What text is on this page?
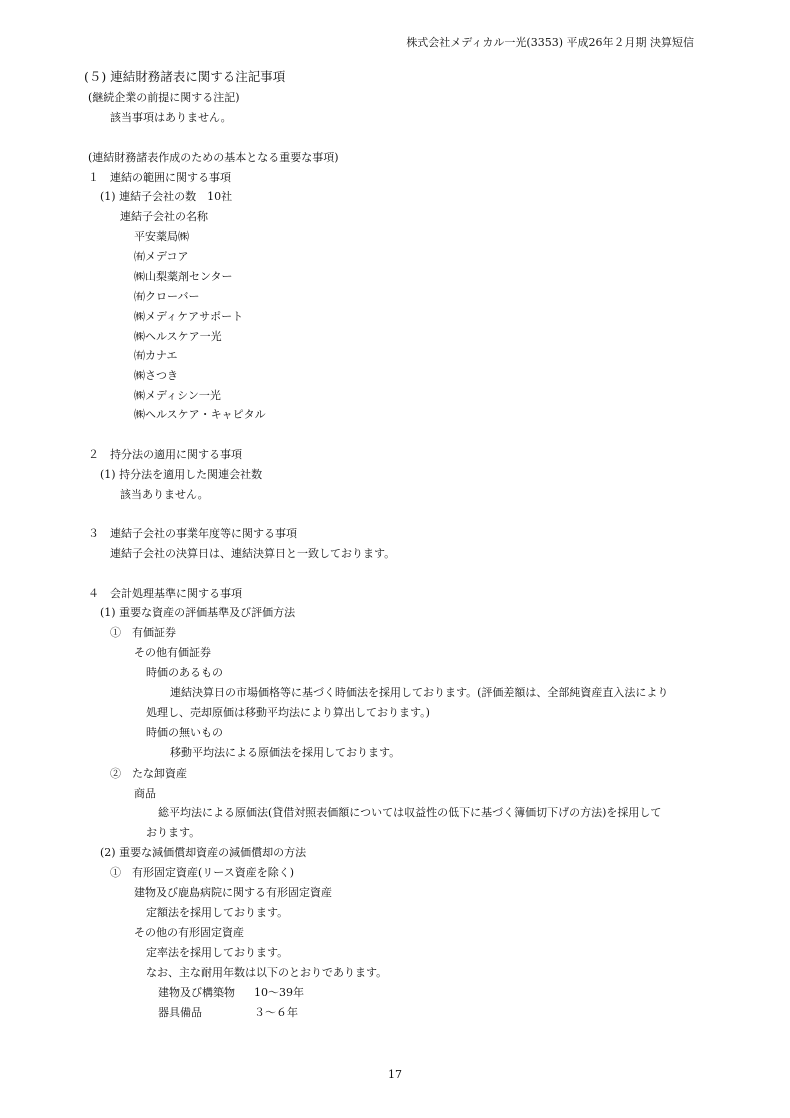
株式会社メディカル一光(3353) 平成26年２月期 決算短信
(５) 連結財務諸表に関する注記事項
(継続企業の前提に関する注記)
該当事項はありません。
(連結財務諸表作成のための基本となる重要な事項)
１　連結の範囲に関する事項
(1) 連結子会社の数　10社
連結子会社の名称
平安薬局㈱
㈲メデコア
㈱山梨薬剤センター
㈲クローバー
㈱メディケアサポート
㈱ヘルスケア一光
㈲カナエ
㈱さつき
㈱メディシン一光
㈱ヘルスケア・キャピタル
２　持分法の適用に関する事項
(1) 持分法を適用した関連会社数
該当ありません。
３　連結子会社の事業年度等に関する事項
連結子会社の決算日は、連結決算日と一致しております。
４　会計処理基準に関する事項
(1) 重要な資産の評価基準及び評価方法
①　有価証券
その他有価証券
時価のあるもの
連結決算日の市場価格等に基づく時価法を採用しております。(評価差額は、全部純資産直入法により
処理し、売却原価は移動平均法により算出しております。)
時価の無いもの
移動平均法による原価法を採用しております。
②　たな卸資産
商品
総平均法による原価法(貸借対照表価額については収益性の低下に基づく簿価切下げの方法)を採用して
おります。
(2) 重要な減価償却資産の減価償却の方法
①　有形固定資産(リース資産を除く)
建物及び鹿島病院に関する有形固定資産
定額法を採用しております。
その他の有形固定資産
定率法を採用しております。
なお、主な耐用年数は以下のとおりであります。
建物及び構築物 10～39年
器具備品	３～６年
17
